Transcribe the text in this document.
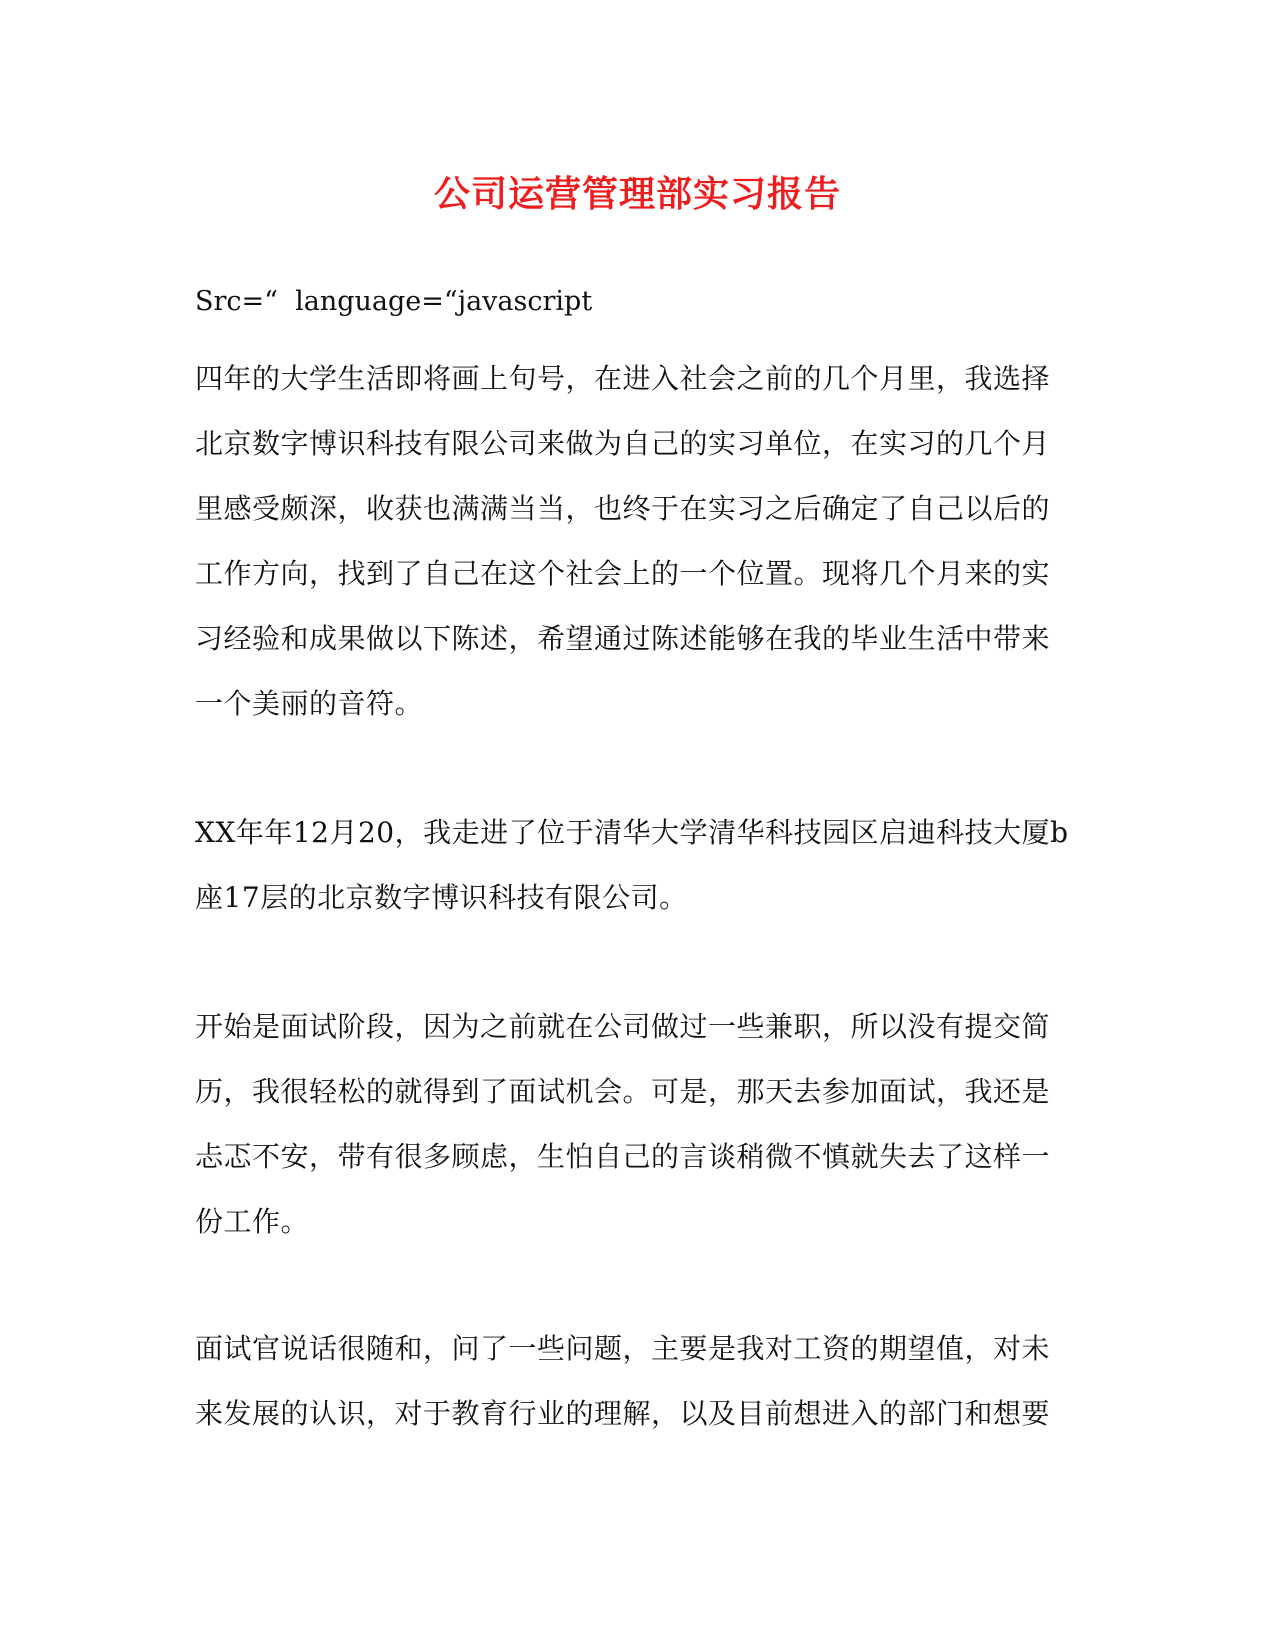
公司运营管理部实习报告
Src=“  language=“javascript
四年的大学生活即将画上句号，在进入社会之前的几个月里，我选择
北京数字博识科技有限公司来做为自己的实习单位，在实习的几个月
里感受颇深，收获也满满当当，也终于在实习之后确定了自己以后的
工作方向，找到了自己在这个社会上的一个位置。现将几个月来的实
习经验和成果做以下陈述，希望通过陈述能够在我的毕业生活中带来
一个美丽的音符。
XX年年12月20，我走进了位于清华大学清华科技园区启迪科技大厦b
座17层的北京数字博识科技有限公司。
开始是面试阶段，因为之前就在公司做过一些兼职，所以没有提交简
历，我很轻松的就得到了面试机会。可是，那天去参加面试，我还是
忐忑不安，带有很多顾虑，生怕自己的言谈稍微不慎就失去了这样一
份工作。
面试官说话很随和，问了一些问题，主要是我对工资的期望值，对未
来发展的认识，对于教育行业的理解，以及目前想进入的部门和想要
